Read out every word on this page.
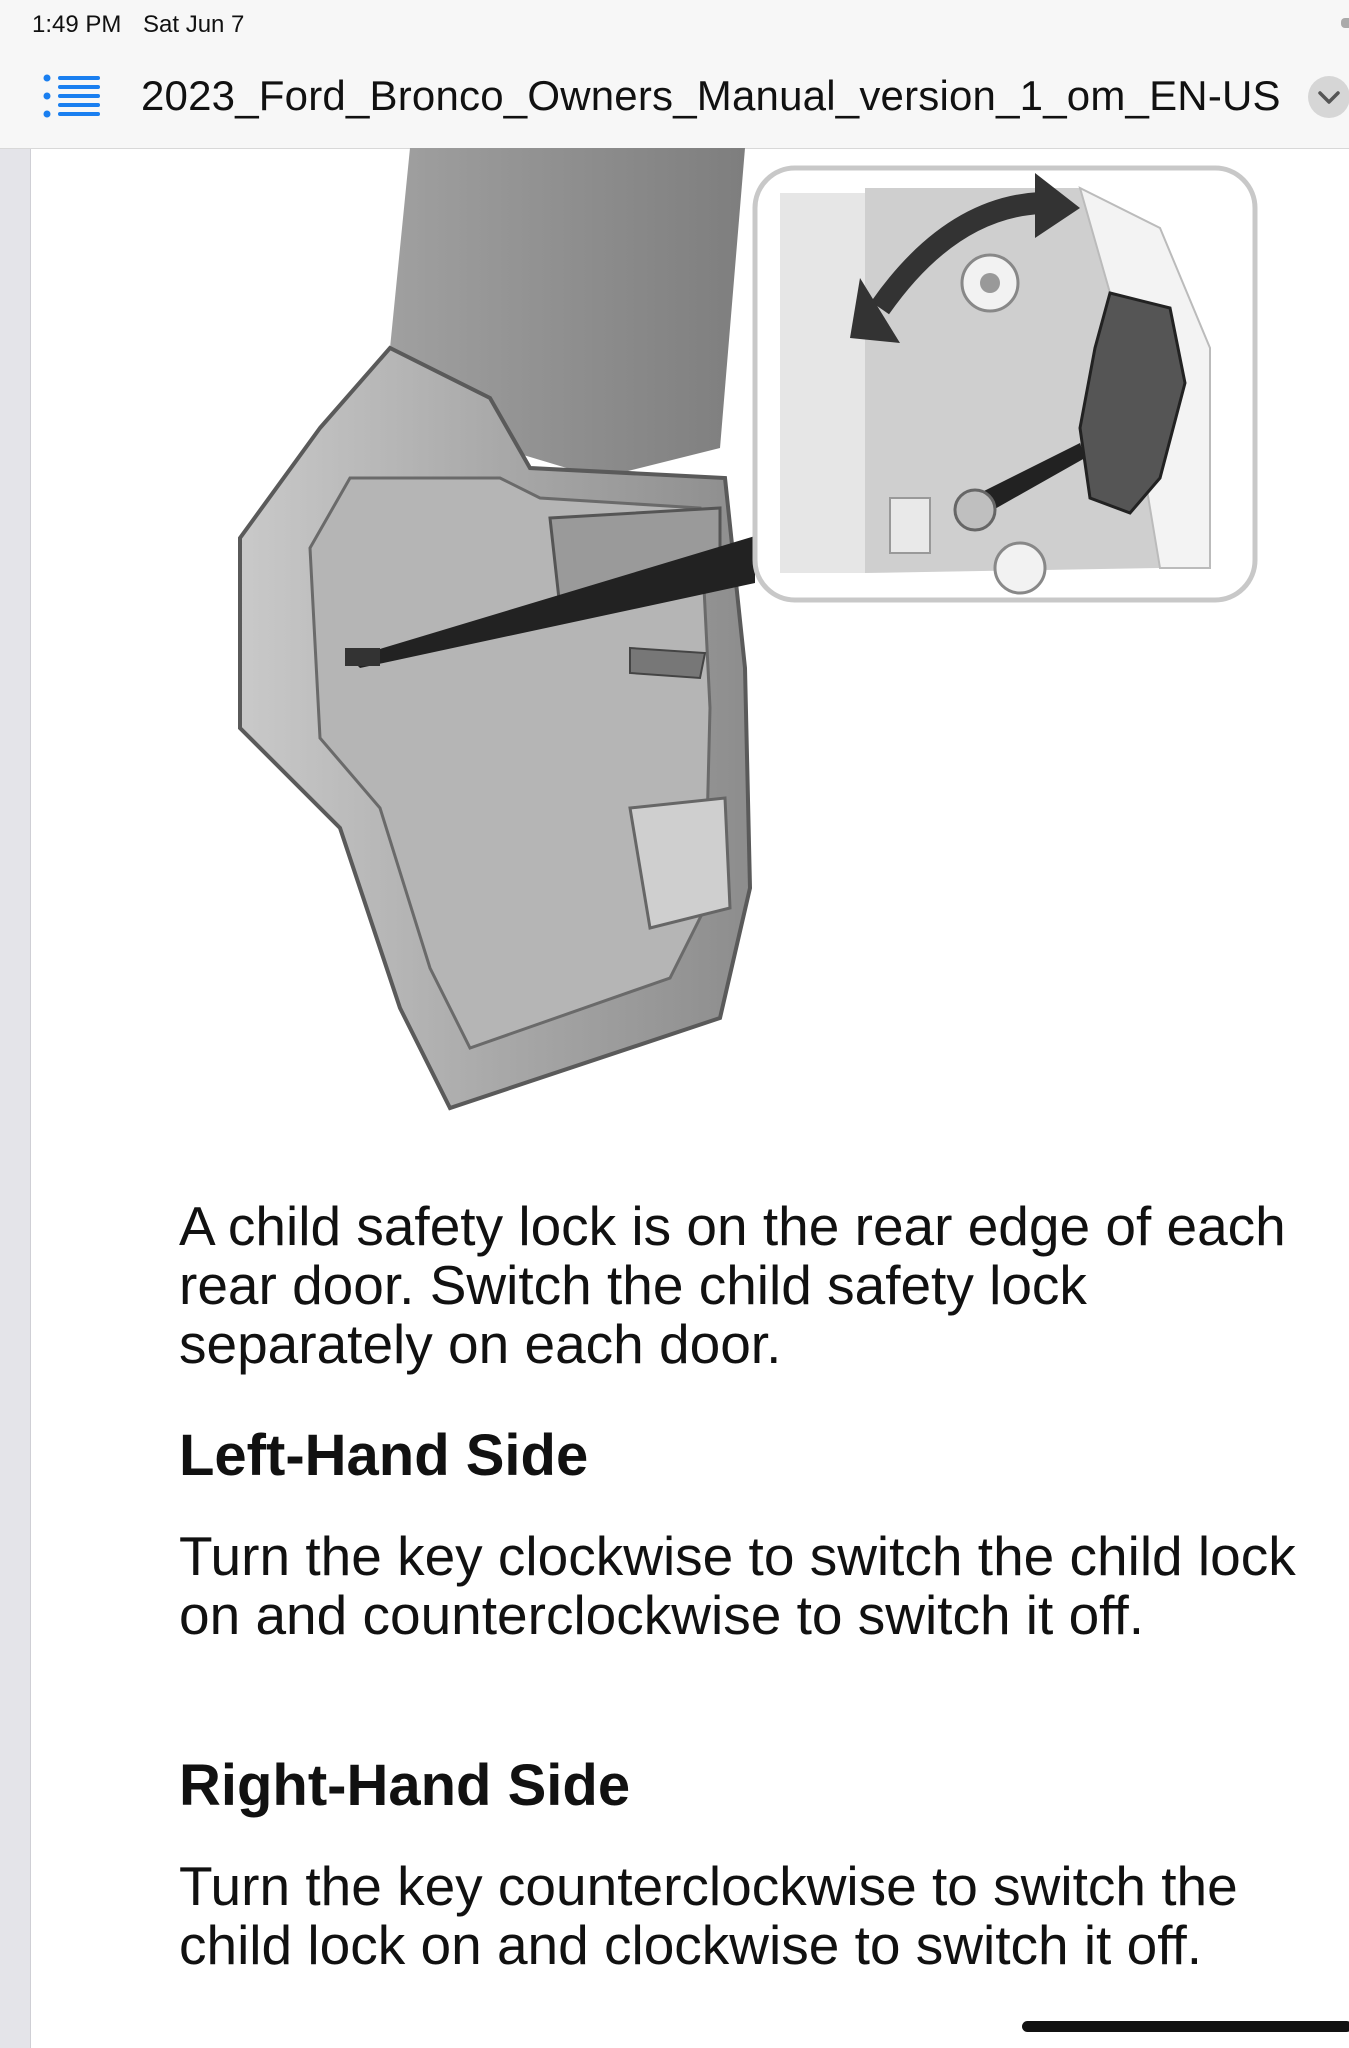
1:49 PM Sat Jun 7
2023_Ford_Bronco_Owners_Manual_version_1_om_EN-US

A child safety lock is on the rear edge of each rear door. Switch the child safety lock separately on each door.

Left-Hand Side

Turn the key clockwise to switch the child lock on and counterclockwise to switch it off.

Right-Hand Side

Turn the key counterclockwise to switch the child lock on and clockwise to switch it off.
